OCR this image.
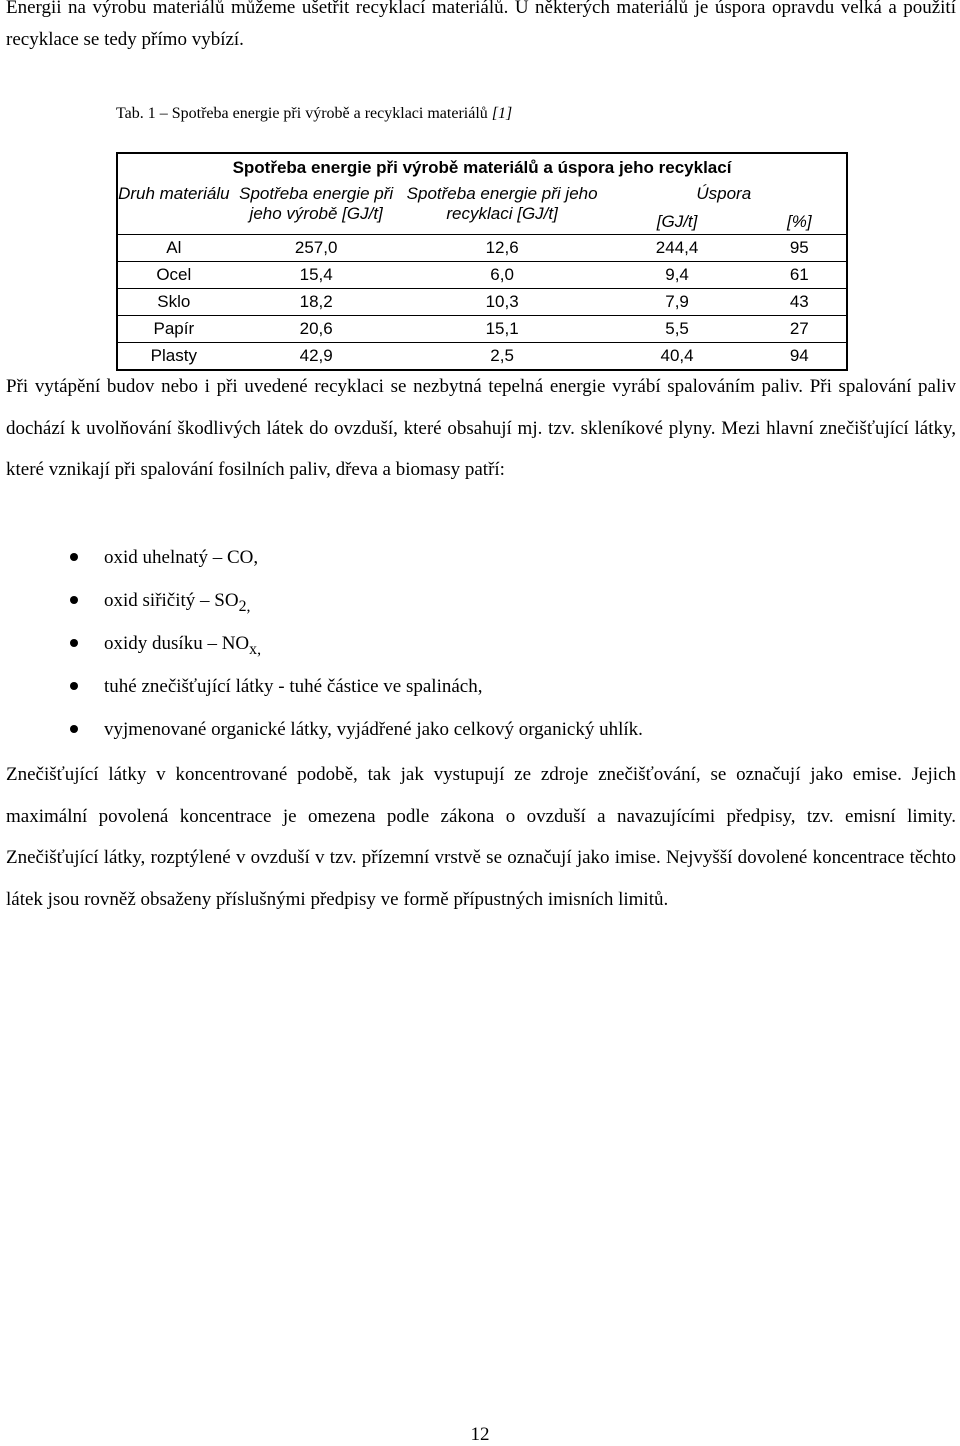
Energii na výrobu materiálů můžeme ušetřit recyklací materiálů. U některých materiálů je úspora opravdu velká a použití recyklace se tedy přímo vybízí.

Tab. 1 – Spotřeba energie při výrobě a recyklaci materiálů [1]
Spotřeba energie při výrobě materiálů a úspora jeho recyklací				
Druh materiálu	Spotřeba energie při jeho výrobě [GJ/t]	Spotřeba energie při jeho recyklaci [GJ/t]	Úspora	
			[GJ/t]	[%]
Al	257,0	12,6	244,4	95
Ocel	15,4	6,0	9,4	61
Sklo	18,2	10,3	7,9	43
Papír	20,6	15,1	5,5	27
Plasty	42,9	2,5	40,4	94

Při vytápění budov nebo i při uvedené recyklaci se nezbytná tepelná energie vyrábí spalováním paliv. Při spalování paliv dochází k uvolňování škodlivých látek do ovzduší, které obsahují mj. tzv. skleníkové plyny. Mezi hlavní znečišťující látky, které vznikají při spalování fosilních paliv, dřeva a biomasy patří:

oxid uhelnatý – CO,
oxid siřičitý – $SO_{2,}$
oxidy dusíku – $NO_{x,}$
tuhé znečišťující látky - tuhé částice ve spalinách,
vyjmenované organické látky, vyjádřené jako celkový organický uhlík.

Znečišťující látky v koncentrované podobě, tak jak vystupují ze zdroje znečišťování, se označují jako emise. Jejich maximální povolená koncentrace je omezena podle zákona o ovzduší a navazujícími předpisy, tzv. emisní limity. Znečišťující látky, rozptýlené v ovzduší v tzv. přízemní vrstvě se označují jako imise. Nejvyšší dovolené koncentrace těchto látek jsou rovněž obsaženy příslušnými předpisy ve formě přípustných imisních limitů.

12
